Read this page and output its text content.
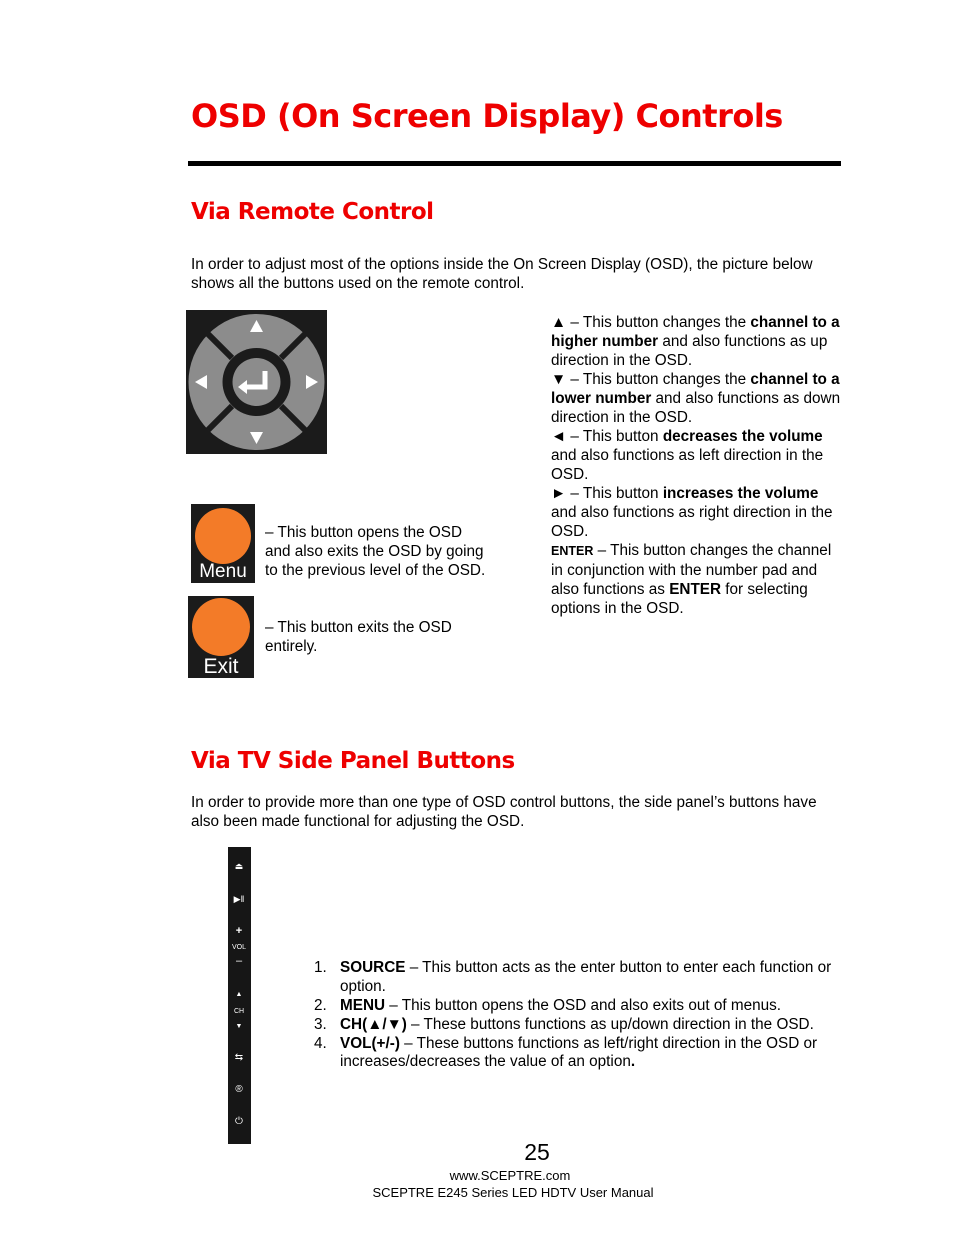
OSD (On Screen Display) Controls
Via Remote Control

In order to adjust most of the options inside the On Screen Display (OSD), the picture below shows all the buttons used on the remote control.

Menu

– This button opens the OSD and also exits the OSD by going to the previous level of the OSD.

Exit

– This button exits the OSD entirely.

▲ – This button changes the channel to a higher number and also functions as up direction in the OSD.

▼ – This button changes the channel to a lower number and also functions as down direction in the OSD.

◄ – This button decreases the volume and also functions as left direction in the OSD.

► – This button increases the volume and also functions as right direction in the OSD.

ENTER – This button changes the channel in conjunction with the number pad and also functions as ENTER for selecting options in the OSD.

Via TV Side Panel Buttons

In order to provide more than one type of OSD control buttons, the side panel’s buttons have also been made functional for adjusting the OSD.

⏏
▶‖
+
VOL
–
▲
CH
▼
⇆
®
⏻
1. SOURCE – This button acts as the enter button to enter each function or option.
2. MENU – This button opens the OSD and also exits out of menus.
3. CH(▲/▼) – These buttons functions as up/down direction in the OSD.
4. VOL(+/-) – These buttons functions as left/right direction in the OSD or increases/decreases the value of an option.
25
www.SCEPTRE.com
SCEPTRE E245 Series LED HDTV User Manual
